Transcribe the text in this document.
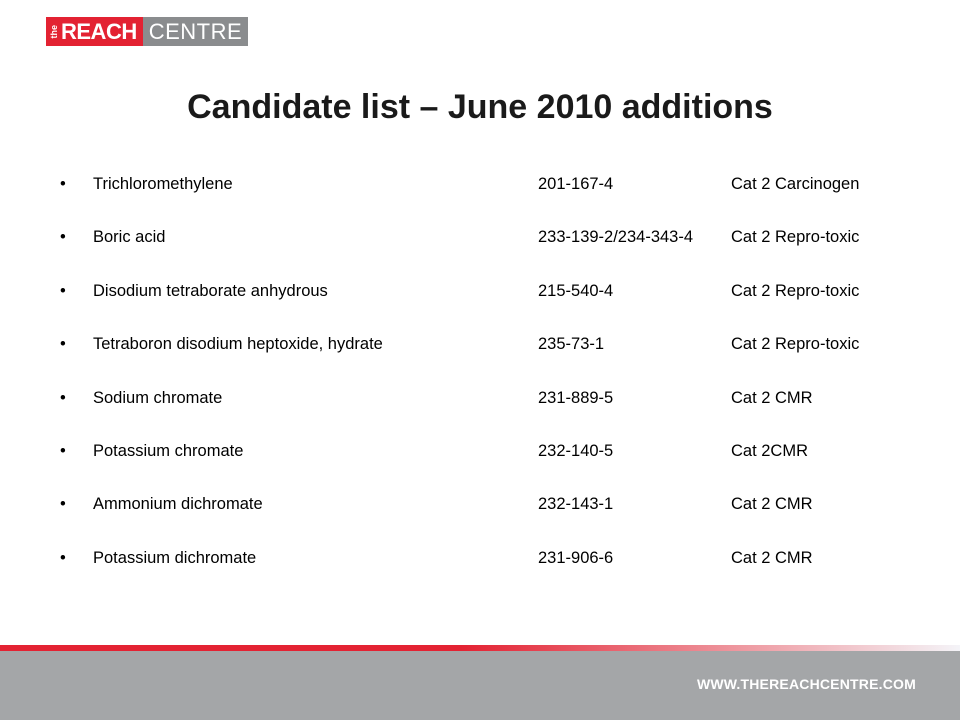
the REACH CENTRE
Candidate list – June 2010 additions
• Trichloromethylene	201-167-4	Cat 2 Carcinogen
• Boric acid	233-139-2/234-343-4 Cat 2 Repro-toxic
• Disodium tetraborate anhydrous	215-540-4	Cat 2 Repro-toxic
• Tetraboron disodium heptoxide, hydrate	235-73-1	Cat 2 Repro-toxic
• Sodium chromate	231-889-5	Cat 2 CMR
• Potassium chromate	232-140-5	Cat 2CMR
• Ammonium dichromate	232-143-1	Cat 2 CMR
• Potassium dichromate	231-906-6	Cat 2 CMR
WWW.THEREACHCENTRE.COM
